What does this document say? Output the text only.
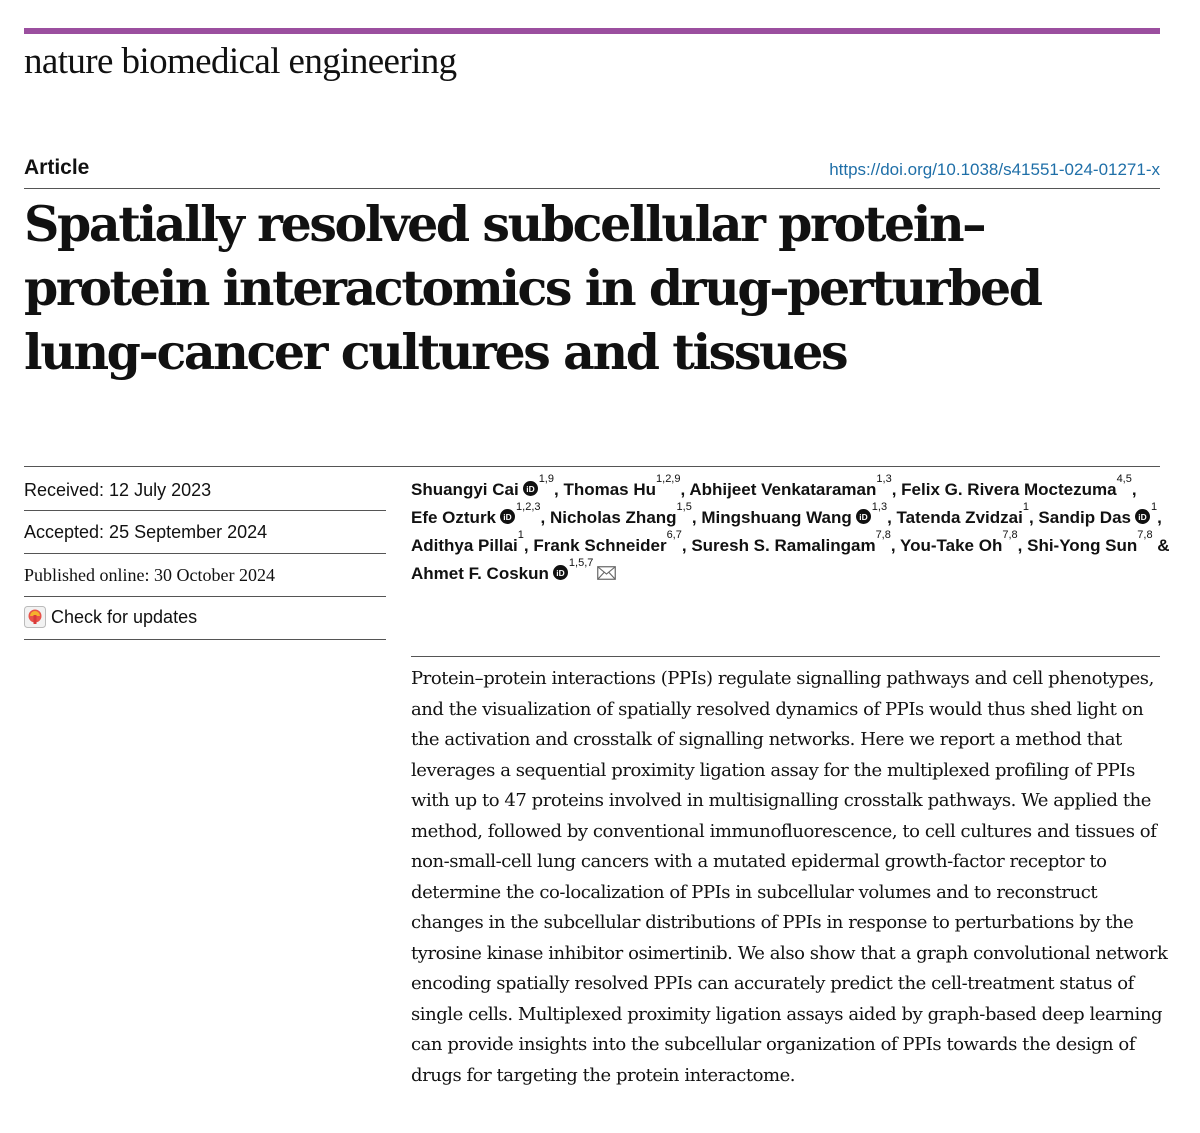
nature biomedical engineering
Article	https://doi.org/10.1038/s41551-024-01271-x
Spatially resolved subcellular protein–protein interactomics in drug-perturbed lung-cancer cultures and tissues
Received: 12 July 2023
Accepted: 25 September 2024
Published online: 30 October 2024
Check for updates

Shuangyi Cai iD
$^{1,9}$, Thomas Hu$^{1,2,9}$, Abhijeet Venkataraman$^{1,3}$, Felix G. Rivera Moctezuma$^{4,5}$, Efe Ozturk iD
$^{1,2,3}$, Nicholas Zhang$^{1,5}$, Mingshuang Wang iD
$^{1,3}$, Tatenda Zvidzai$^1$, Sandip Das iD
$^1$, Adithya Pillai$^1$, Frank Schneider$^{6,7}$, Suresh S. Ramalingam$^{7,8}$, You-Take Oh$^{7,8}$, Shi-Yong Sun$^{7,8}$ & Ahmet F. Coskun iD
$^{1,5,7}$

Protein–protein interactions (PPIs) regulate signalling pathways and cell phenotypes, and the visualization of spatially resolved dynamics of PPIs would thus shed light on the activation and crosstalk of signalling networks. Here we report a method that leverages a sequential proximity ligation assay for the multiplexed profiling of PPIs with up to 47 proteins involved in multisignalling crosstalk pathways. We applied the method, followed by conventional immunofluorescence, to cell cultures and tissues of non-small-cell lung cancers with a mutated epidermal growth-factor receptor to determine the co-localization of PPIs in subcellular volumes and to reconstruct changes in the subcellular distributions of PPIs in response to perturbations by the tyrosine kinase inhibitor osimertinib. We also show that a graph convolutional network encoding spatially resolved PPIs can accurately predict the cell-treatment status of single cells. Multiplexed proximity ligation assays aided by graph-based deep learning can provide insights into the subcellular organization of PPIs towards the design of drugs for targeting the protein interactome.
